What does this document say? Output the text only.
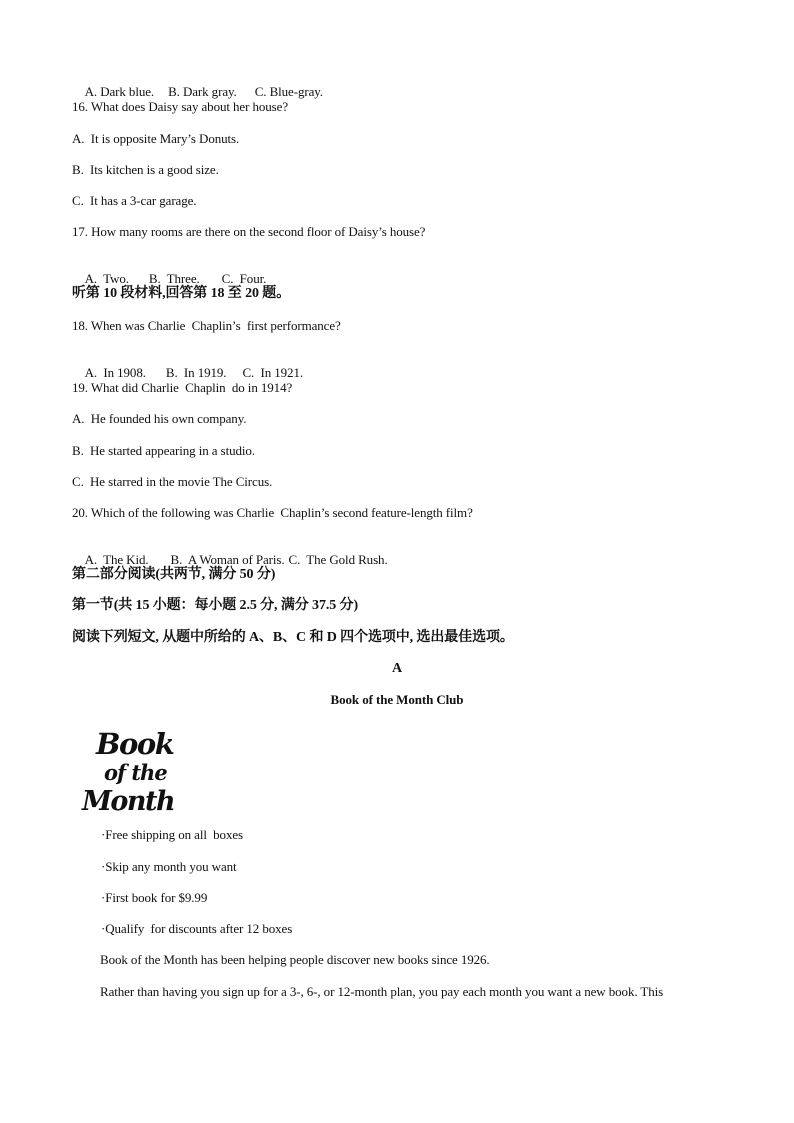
A. Dark blue. B. Dark gray. C. Blue-gray.

16. What does Daisy say about her house?
A.  It is opposite Mary’s Donuts.
B.  Its kitchen is a good size.
C.  It has a 3-car garage.
17. How many rooms are there on the second floor of Daisy’s house?

A.  Two. B.  Three. C.  Four.

听第 10 段材料,回答第 18 至 20 题。
18. When was Charlie  Chaplin’s  first performance?

A.  In 1908. B.  In 1919. C.  In 1921.

19. What did Charlie  Chaplin  do in 1914?
A.  He founded his own company.
B.  He started appearing in a studio.
C.  He starred in the movie The Circus.
20. Which of the following was Charlie  Chaplin’s second feature-length film?

A.  The Kid. B.  A Woman of Paris. C.  The Gold Rush.

第二部分阅读(共两节, 满分 50 分)
第一节(共 15 小题：每小题 2.5 分, 满分 37.5 分)
阅读下列短文, 从题中所给的 A、B、C 和 D 四个选项中, 选出最佳选项。
A
Book of the Month Club
Book
of the
Month
·Free shipping on all  boxes
·Skip any month you want
·First book for $9.99
·Qualify  for discounts after 12 boxes
Book of the Month has been helping people discover new books since 1926.
Rather than having you sign up for a 3-, 6-, or 12-month plan, you pay each month you want a new book. This
